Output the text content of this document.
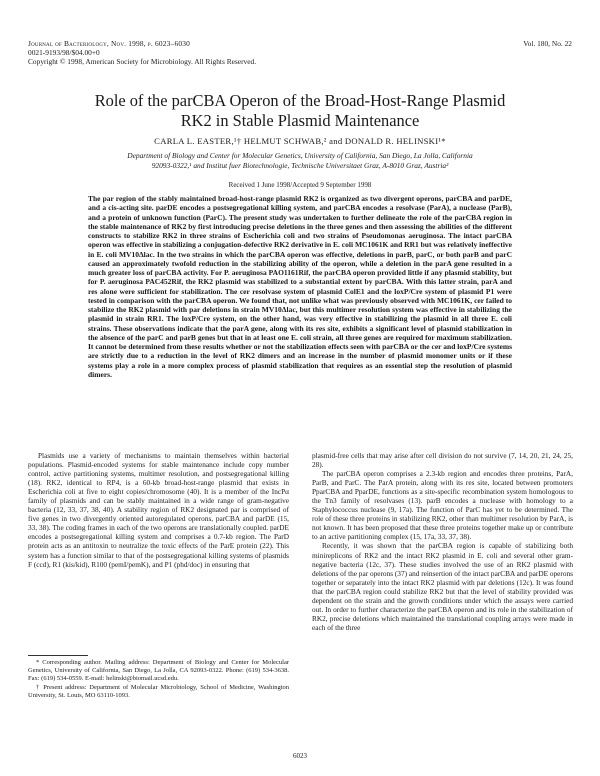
Journal of Bacteriology, Nov. 1998, p. 6023–6030
0021-9193/98/$04.00+0
Copyright © 1998, American Society for Microbiology. All Rights Reserved.
Vol. 180, No. 22
Role of the parCBA Operon of the Broad-Host-Range Plasmid
RK2 in Stable Plasmid Maintenance
CARLA L. EASTER,¹† HELMUT SCHWAB,² and DONALD R. HELINSKI¹*
Department of Biology and Center for Molecular Genetics, University of California, San Diego, La Jolla, California
92093-0322,¹ and Institut fuer Biotechnologie, Technische Universitaet Graz, A-8010 Graz, Austria²
Received 1 June 1998/Accepted 9 September 1998
The par region of the stably maintained broad-host-range plasmid RK2 is organized as two divergent operons, parCBA and parDE, and a cis-acting site. parDE encodes a postsegregational killing system, and parCBA encodes a resolvase (ParA), a nuclease (ParB), and a protein of unknown function (ParC). The present study was undertaken to further delineate the role of the parCBA region in the stable maintenance of RK2 by first introducing precise deletions in the three genes and then assessing the abilities of the different constructs to stabilize RK2 in three strains of Escherichia coli and two strains of Pseudomonas aeruginosa. The intact parCBA operon was effective in stabilizing a conjugation-defective RK2 derivative in E. coli MC1061K and RR1 but was relatively ineffective in E. coli MV10Δlac. In the two strains in which the parCBA operon was effective, deletions in parB, parC, or both parB and parC caused an approximately twofold reduction in the stabilizing ability of the operon, while a deletion in the parA gene resulted in a much greater loss of parCBA activity. For P. aeruginosa PAO1161Rif, the parCBA operon provided little if any plasmid stability, but for P. aeruginosa PAC452Rif, the RK2 plasmid was stabilized to a substantial extent by parCBA. With this latter strain, parA and res alone were sufficient for stabilization. The cer resolvase system of plasmid ColE1 and the loxP/Cre system of plasmid P1 were tested in comparison with the parCBA operon. We found that, not unlike what was previously observed with MC1061K, cer failed to stabilize the RK2 plasmid with par deletions in strain MV10Δlac, but this multimer resolution system was effective in stabilizing the plasmid in strain RR1. The loxP/Cre system, on the other hand, was very effective in stabilizing the plasmid in all three E. coli strains. These observations indicate that the parA gene, along with its res site, exhibits a significant level of plasmid stabilization in the absence of the parC and parB genes but that in at least one E. coli strain, all three genes are required for maximum stabilization. It cannot be determined from these results whether or not the stabilization effects seen with parCBA or the cer and loxP/Cre systems are strictly due to a reduction in the level of RK2 dimers and an increase in the number of plasmid monomer units or if these systems play a role in a more complex process of plasmid stabilization that requires as an essential step the resolution of plasmid dimers.

Plasmids use a variety of mechanisms to maintain themselves within bacterial populations. Plasmid-encoded systems for stable maintenance include copy number control, active partitioning systems, multimer resolution, and postsegregational killing (18). RK2, identical to RP4, is a 60-kb broad-host-range plasmid that exists in Escherichia coli at five to eight copies/chromosome (40). It is a member of the IncPα family of plasmids and can be stably maintained in a wide range of gram-negative bacteria (12, 33, 37, 38, 40). A stability region of RK2 designated par is comprised of five genes in two divergently oriented autoregulated operons, parCBA and parDE (15, 33, 38). The coding frames in each of the two operons are translationally coupled. parDE encodes a postsegregational killing system and comprises a 0.7-kb region. The ParD protein acts as an antitoxin to neutralize the toxic effects of the ParE protein (22). This system has a function similar to that of the postsegregational killing systems of plasmids F (ccd), R1 (kis/kid), R100 (pemI/pemK), and P1 (phd/doc) in ensuring that

* Corresponding author. Mailing address: Department of Biology and Center for Molecular Genetics, University of California, San Diego, La Jolla, CA 92093-0322. Phone: (619) 534-3638. Fax: (619) 534-0559. E-mail: helinski@biomail.ucsd.edu.

† Present address: Department of Molecular Microbiology, School of Medicine, Washington University, St. Louis, MO 63110-1093.

plasmid-free cells that may arise after cell division do not survive (7, 14, 20, 21, 24, 25, 28).

The parCBA operon comprises a 2.3-kb region and encodes three proteins, ParA, ParB, and ParC. The ParA protein, along with its res site, located between promoters PparCBA and PparDE, functions as a site-specific recombination system homologous to the Tn3 family of resolvases (13). parB encodes a nuclease with homology to a Staphylococcus nuclease (9, 17a). The function of ParC has yet to be determined. The role of these three proteins in stabilizing RK2, other than multimer resolution by ParA, is not known. It has been proposed that these three proteins together make up or contribute to an active partitioning complex (15, 17a, 33, 37, 38).

Recently, it was shown that the parCBA region is capable of stabilizing both minireplicons of RK2 and the intact RK2 plasmid in E. coli and several other gram-negative bacteria (12c, 37). These studies involved the use of an RK2 plasmid with deletions of the par operons (37) and reinsertion of the intact parCBA and parDE operons together or separately into the intact RK2 plasmid with par deletions (12c). It was found that the parCBA region could stabilize RK2 but that the level of stability provided was dependent on the strain and the growth conditions under which the assays were carried out. In order to further characterize the parCBA operon and its role in the stabilization of RK2, precise deletions which maintained the translational coupling arrays were made in each of the three

6023
